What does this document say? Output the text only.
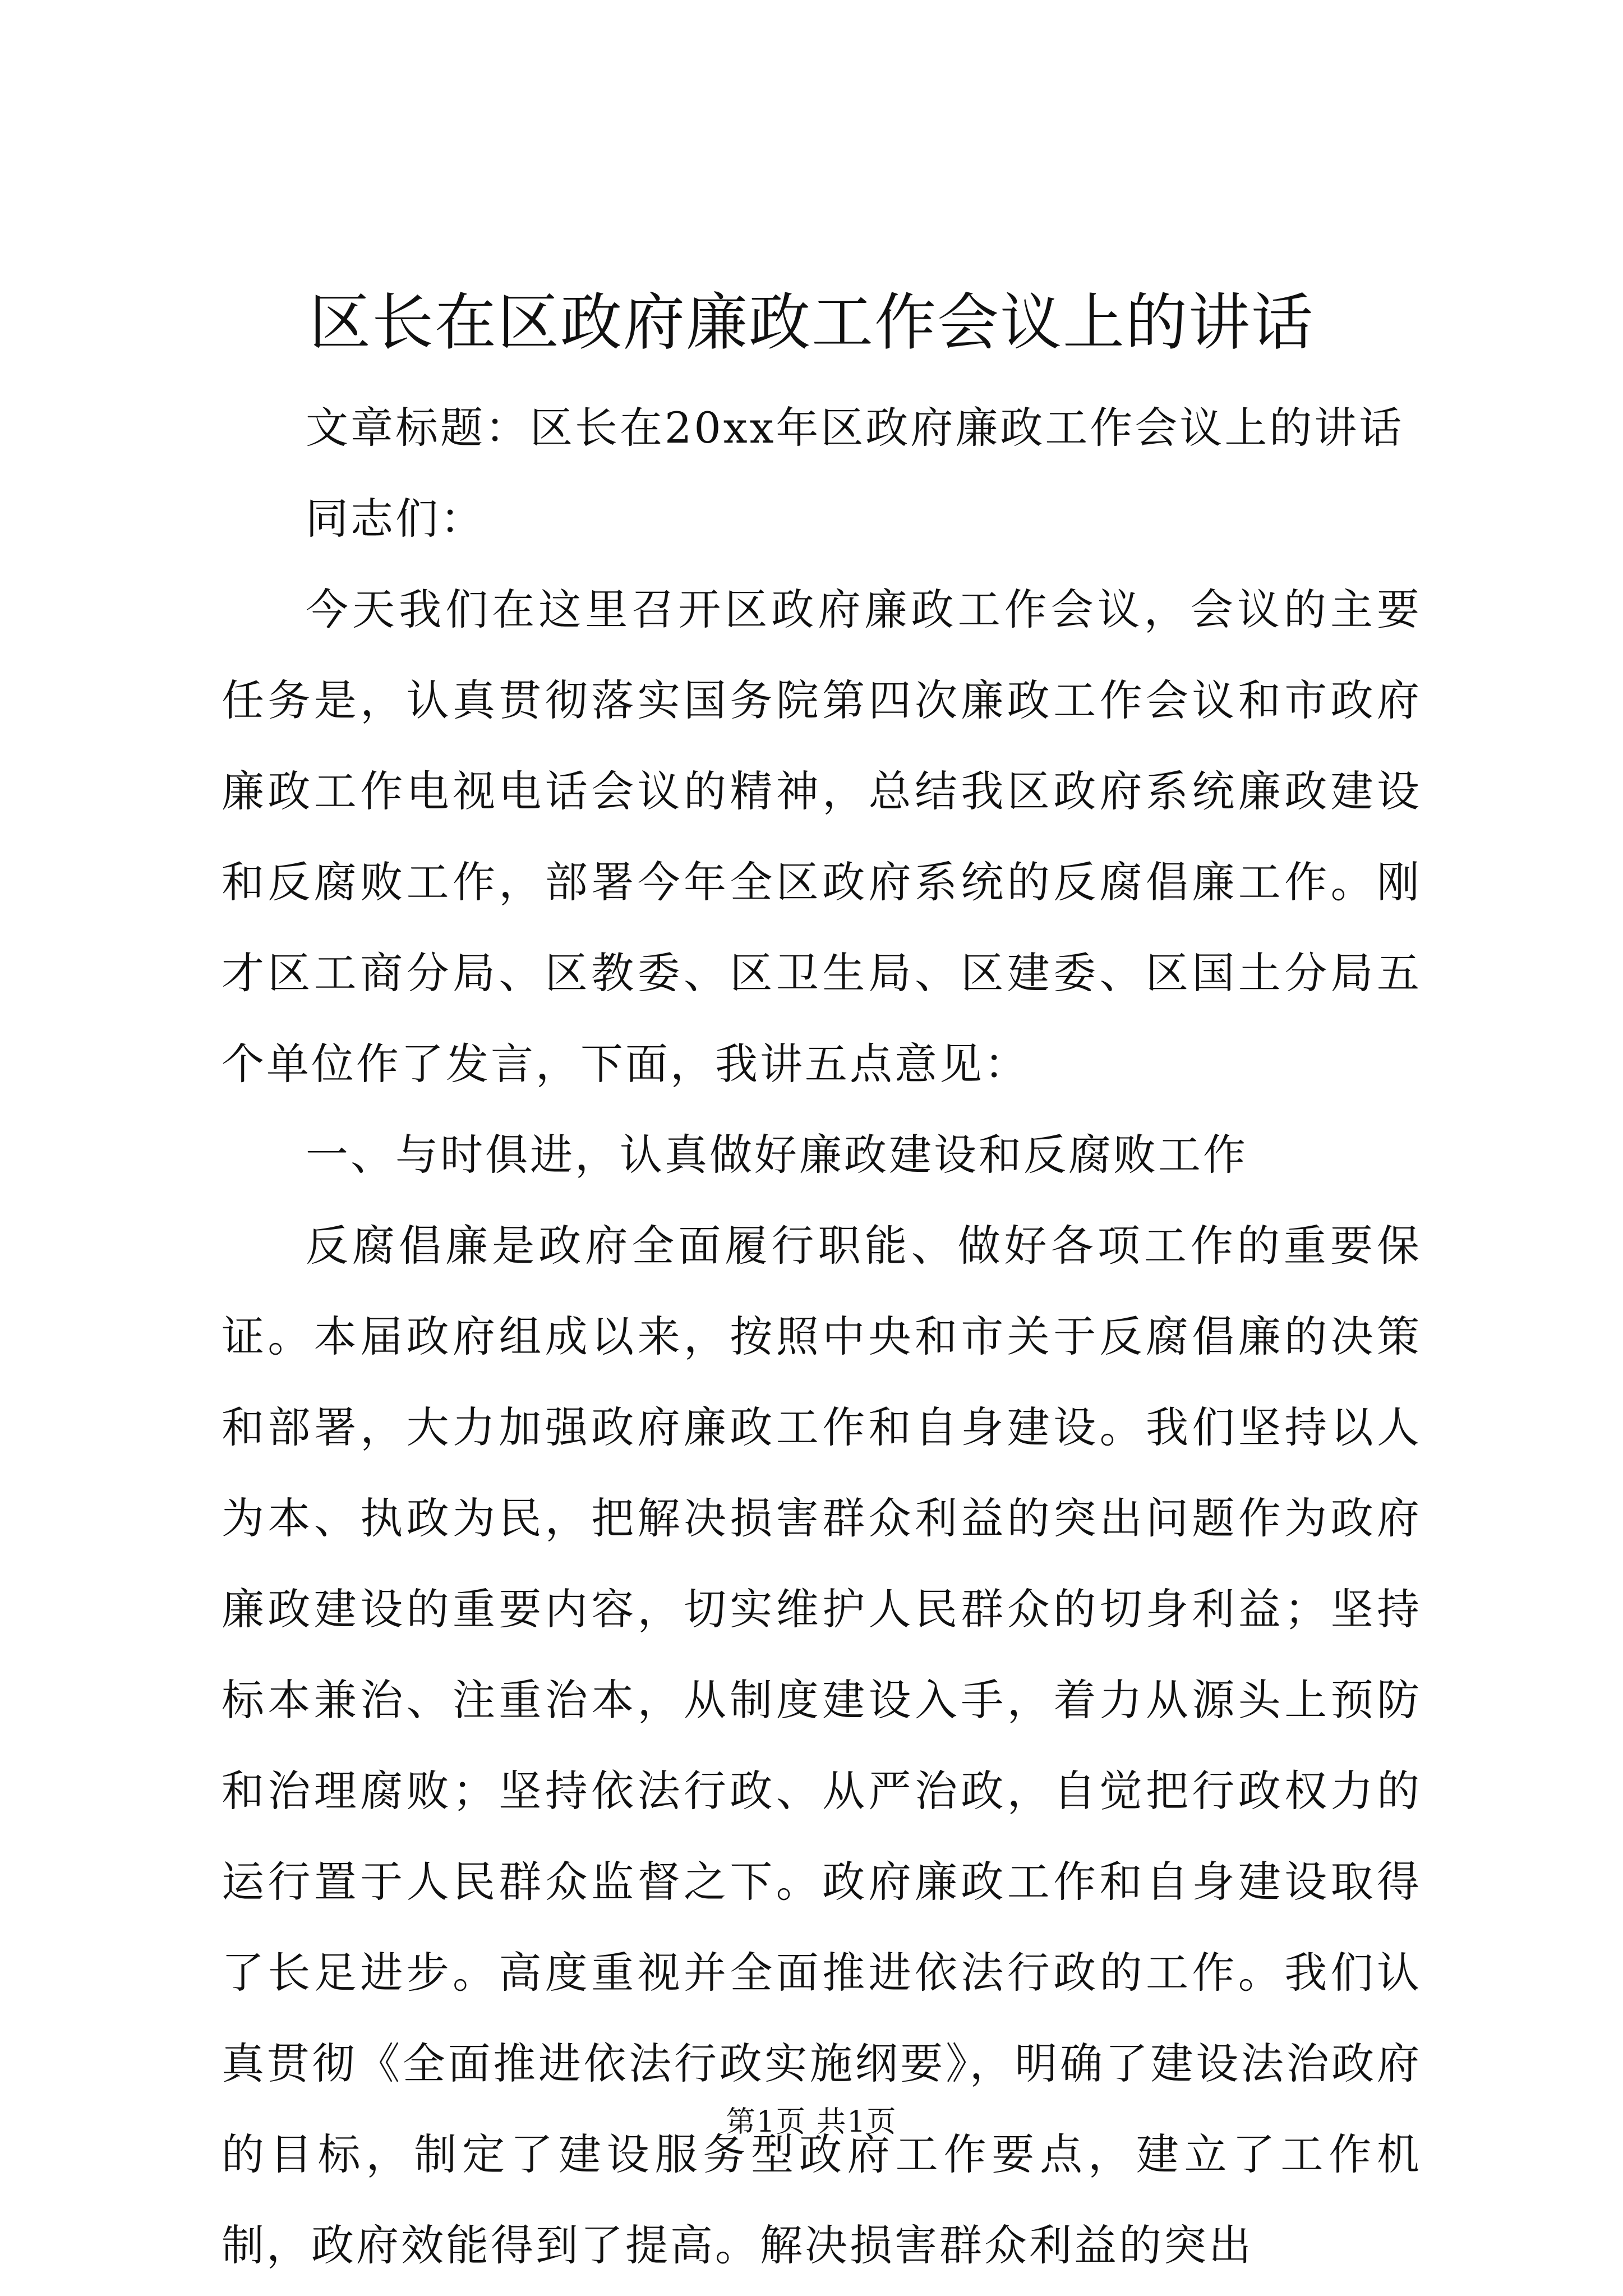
区长在区政府廉政工作会议上的讲话

文章标题：区长在20xx年区政府廉政工作会议上的讲话

同志们：

今天我们在这里召开区政府廉政工作会议，会议的主要任务是，认真贯彻落实国务院第四次廉政工作会议和市政府廉政工作电视电话会议的精神，总结我区政府系统廉政建设和反腐败工作，部署今年全区政府系统的反腐倡廉工作。刚才区工商分局、区教委、区卫生局、区建委、区国土分局五个单位作了发言，下面，我讲五点意见：

一、与时俱进，认真做好廉政建设和反腐败工作

反腐倡廉是政府全面履行职能、做好各项工作的重要保证。本届政府组成以来，按照中央和市关于反腐倡廉的决策和部署，大力加强政府廉政工作和自身建设。我们坚持以人为本、执政为民，把解决损害群众利益的突出问题作为政府廉政建设的重要内容，切实维护人民群众的切身利益；坚持标本兼治、注重治本，从制度建设入手，着力从源头上预防和治理腐败；坚持依法行政、从严治政，自觉把行政权力的运行置于人民群众监督之下。政府廉政工作和自身建设取得了长足进步。高度重视并全面推进依法行政的工作。我们认真贯彻《全面推进依法行政实施纲要》，明确了建设法治政府的目标，制定了建设服务型政府工作要点，建立了工作机制，政府效能得到了提高。解决损害群众利益的突出

第1页 共1页
